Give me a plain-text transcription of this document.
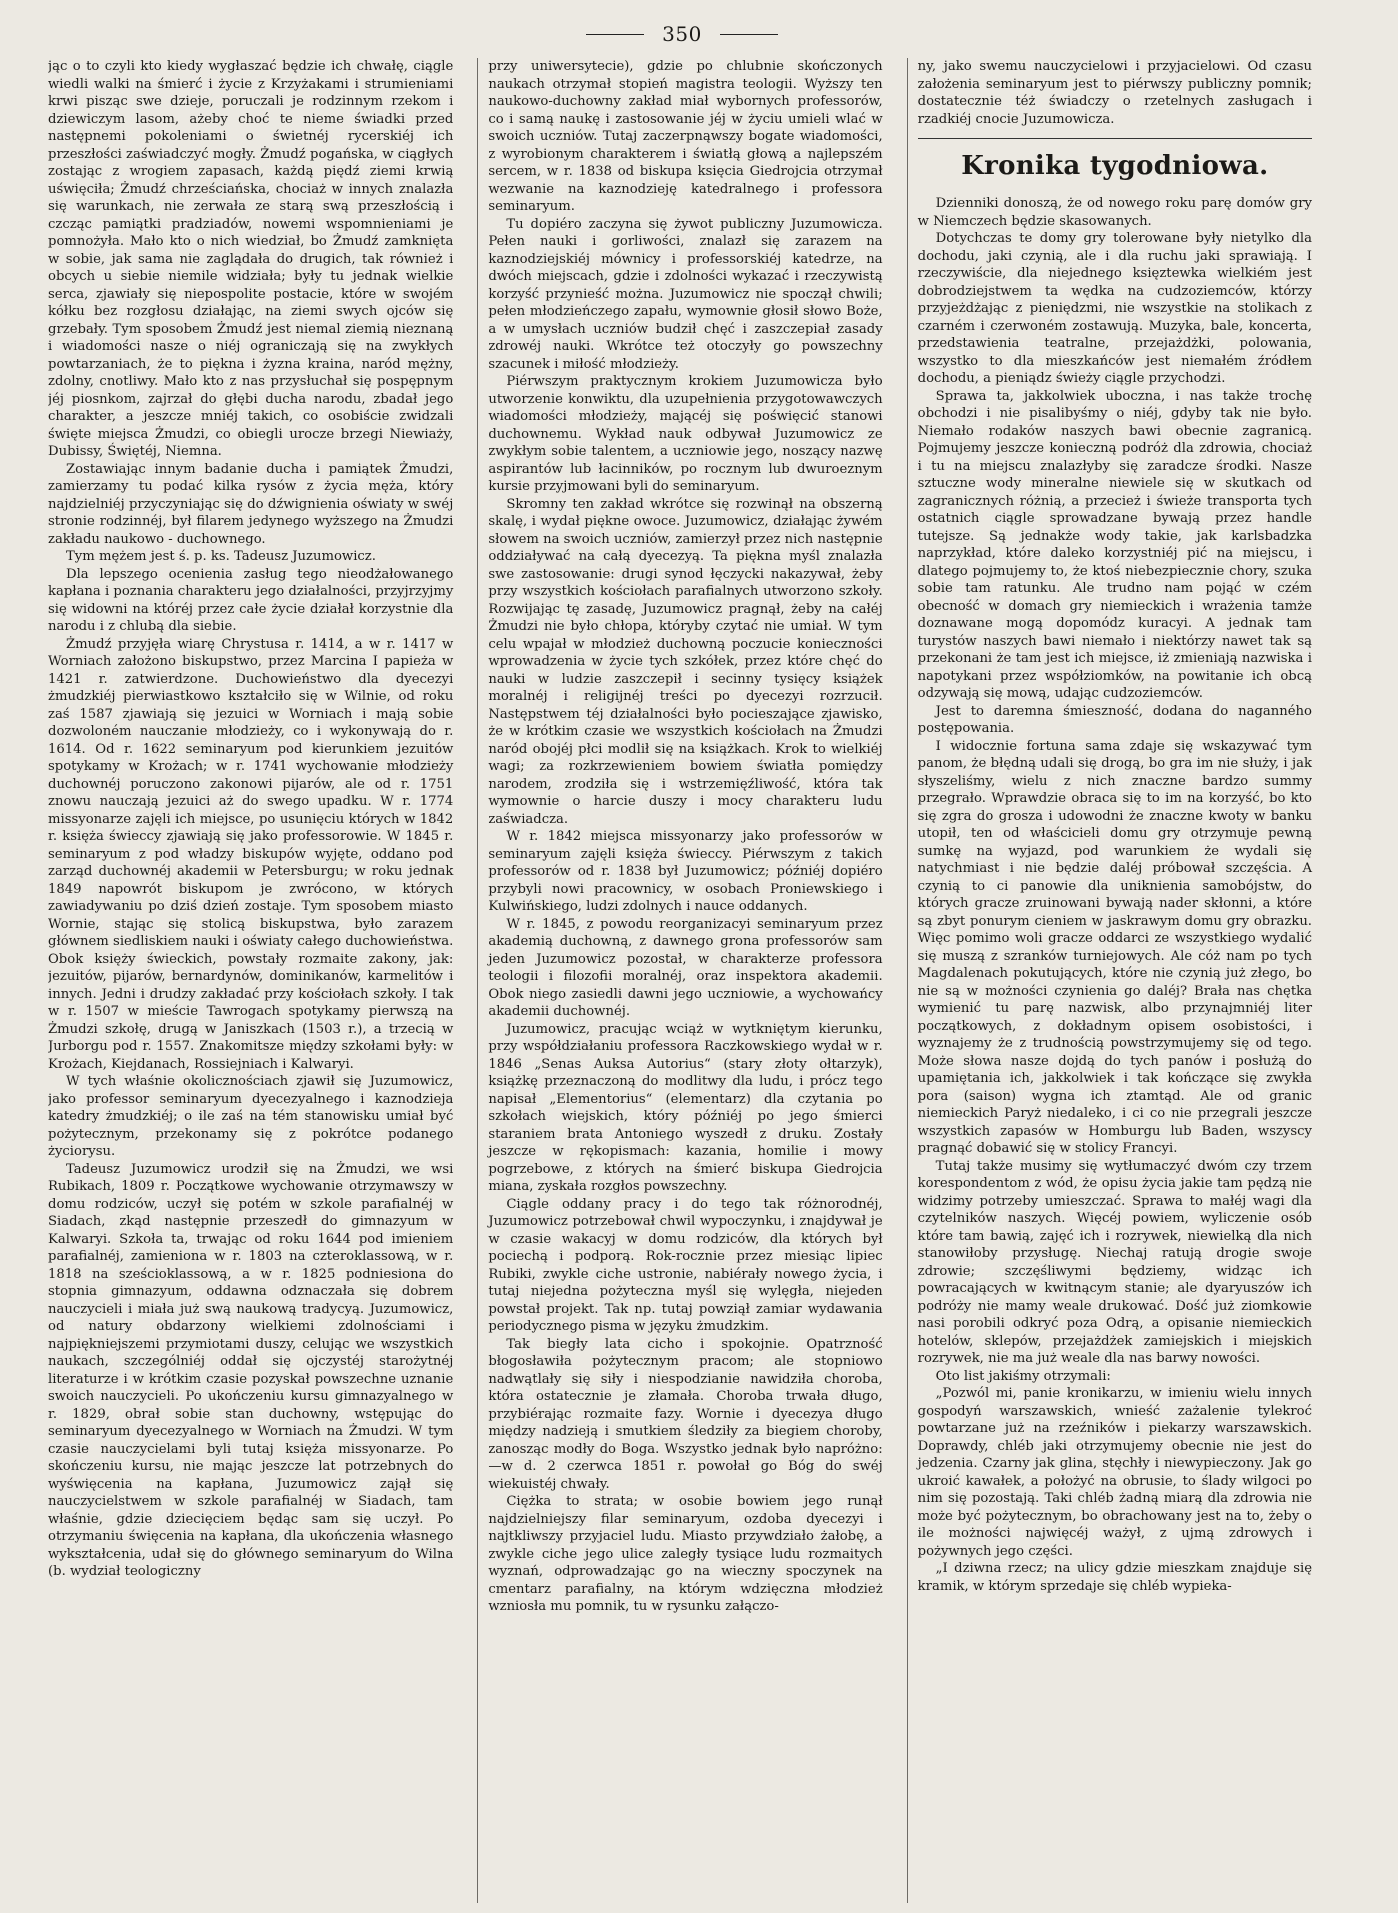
350

jąc o to czyli kto kiedy wygłaszać będzie ich chwałę, ciągle wiedli walki na śmierć i życie z Krzyżakami i strumieniami krwi pisząc swe dzieje, poruczali je rodzinnym rzekom i dziewiczym lasom, ażeby choć te nieme świadki przed następnemi pokoleniami o świetnéj rycerskiéj ich przeszłości zaświadczyć mogły. Żmudź pogańska, w ciągłych zostając z wrogiem zapasach, każdą piędź ziemi krwią uświęciła; Żmudź chrześciańska, chociaż w innych znalazła się warunkach, nie zerwała ze starą swą przeszłością i czcząc pamiątki pradziadów, nowemi wspomnieniami je pomnożyła. Mało kto o nich wiedział, bo Żmudź zamknięta w sobie, jak sama nie zaglądała do drugich, tak również i obcych u siebie niemile widziała; były tu jednak wielkie serca, zjawiały się niepospolite postacie, które w swojém kółku bez rozgłosu działając, na ziemi swych ojców się grzebały. Tym sposobem Żmudź jest niemal ziemią nieznaną i wiadomości nasze o niéj ograniczają się na zwykłych powtarzaniach, że to piękna i żyzna kraina, naród mężny, zdolny, cnotliwy. Mało kto z nas przysłuchał się pospępnym jéj piosnkom, zajrzał do głębi ducha narodu, zbadał jego charakter, a jeszcze mniéj takich, co osobiście zwidzali święte miejsca Żmudzi, co obiegli urocze brzegi Niewiaży, Dubissy, Świętéj, Niemna.

Zostawiając innym badanie ducha i pamiątek Żmudzi, zamierzamy tu podać kilka rysów z życia męża, który najdzielniéj przyczyniając się do dźwignienia oświaty w swéj stronie rodzinnéj, był filarem jedynego wyższego na Żmudzi zakładu naukowo - duchownego.

Tym mężem jest ś. p. ks. Tadeusz Juzumowicz.

Dla lepszego ocenienia zasług tego nieodżałowanego kapłana i poznania charakteru jego działalności, przyjrzyjmy się widowni na któréj przez całe życie działał korzystnie dla narodu i z chlubą dla siebie.

Żmudź przyjęła wiarę Chrystusa r. 1414, a w r. 1417 w Worniach założono biskupstwo, przez Marcina I papieża w 1421 r. zatwierdzone. Duchowieństwo dla dyecezyi żmudzkiéj pierwiastkowo kształciło się w Wilnie, od roku zaś 1587 zjawiają się jezuici w Worniach i mają sobie dozwoloném nauczanie młodzieży, co i wykonywają do r. 1614. Od r. 1622 seminaryum pod kierunkiem jezuitów spotykamy w Krożach; w r. 1741 wychowanie młodzieży duchownéj poruczono zakonowi pijarów, ale od r. 1751 znowu nauczają jezuici aż do swego upadku. W r. 1774 missyonarze zajęli ich miejsce, po usunięciu których w 1842 r. księża świeccy zjawiają się jako professorowie. W 1845 r. seminaryum z pod władzy biskupów wyjęte, oddano pod zarząd duchownéj akademii w Petersburgu; w roku jednak 1849 napowrót biskupom je zwrócono, w których zawiadywaniu po dziś dzień zostaje. Tym sposobem miasto Wornie, stając się stolicą biskupstwa, było zarazem głównem siedliskiem nauki i oświaty całego duchowieństwa. Obok księży świeckich, powstały rozmaite zakony, jak: jezuitów, pijarów, bernardynów, dominikanów, karmelitów i innych. Jedni i drudzy zakładać przy kościołach szkoły. I tak w r. 1507 w mieście Tawrogach spotykamy pierwszą na Żmudzi szkołę, drugą w Janiszkach (1503 r.), a trzecią w Jurborgu pod r. 1557. Znakomitsze między szkołami były: w Krożach, Kiejdanach, Rossiejniach i Kalwaryi.

W tych właśnie okolicznościach zjawił się Juzumowicz, jako professor seminaryum dyecezyalnego i kaznodzieja katedry żmudzkiéj; o ile zaś na tém stanowisku umiał być pożytecznym, przekonamy się z pokrótce podanego życiorysu.

Tadeusz Juzumowicz urodził się na Żmudzi, we wsi Rubikach, 1809 r. Początkowe wychowanie otrzymawszy w domu rodziców, uczył się potém w szkole parafialnéj w Siadach, zkąd następnie przeszedł do gimnazyum w Kalwaryi. Szkoła ta, trwając od roku 1644 pod imieniem parafialnéj, zamieniona w r. 1803 na czteroklassową, w r. 1818 na sześcioklassową, a w r. 1825 podniesiona do stopnia gimnazyum, oddawna odznaczała się dobrem nauczycieli i miała już swą naukową tradycyą. Juzumowicz, od natury obdarzony wielkiemi zdolnościami i najpiękniejszemi przymiotami duszy, celując we wszystkich naukach, szczególniéj oddał się ojczystéj starożytnéj literaturze i w krótkim czasie pozyskał powszechne uznanie swoich nauczycieli. Po ukończeniu kursu gimnazyalnego w r. 1829, obrał sobie stan duchowny, wstępując do seminaryum dyecezyalnego w Worniach na Żmudzi. W tym czasie nauczycielami byli tutaj księża missyonarze. Po skończeniu kursu, nie mając jeszcze lat potrzebnych do wyświęcenia na kapłana, Juzumowicz zajął się nauczycielstwem w szkole parafialnéj w Siadach, tam właśnie, gdzie dziecięciem będąc sam się uczył. Po otrzymaniu święcenia na kapłana, dla ukończenia własnego wykształcenia, udał się do głównego seminaryum do Wilna (b. wydział teologiczny

przy uniwersytecie), gdzie po chlubnie skończonych naukach otrzymał stopień magistra teologii. Wyższy ten naukowo-duchowny zakład miał wybornych professorów, co i samą naukę i zastosowanie jéj w życiu umieli wlać w swoich uczniów. Tutaj zaczerpnąwszy bogate wiadomości, z wyrobionym charakterem i światłą głową a najlepszém sercem, w r. 1838 od biskupa księcia Giedrojcia otrzymał wezwanie na kaznodzieję katedralnego i professora seminaryum.

Tu dopiéro zaczyna się żywot publiczny Juzumowicza. Pełen nauki i gorliwości, znalazł się zarazem na kaznodziejskiéj mównicy i professorskiéj katedrze, na dwóch miejscach, gdzie i zdolności wykazać i rzeczywistą korzyść przynieść można. Juzumowicz nie spoczął chwili; pełen młodzieńczego zapału, wymownie głosił słowo Boże, a w umysłach uczniów budził chęć i zaszczepiał zasady zdrowéj nauki. Wkrótce też otoczyły go powszechny szacunek i miłość młodzieży.

Piérwszym praktycznym krokiem Juzumowicza było utworzenie konwiktu, dla uzupełnienia przygotowawczych wiadomości młodzieży, mającéj się poświęcić stanowi duchownemu. Wykład nauk odbywał Juzumowicz ze zwykłym sobie talentem, a uczniowie jego, noszący nazwę aspirantów lub łacinników, po rocznym lub dwuroeznym kursie przyjmowani byli do seminaryum.

Skromny ten zakład wkrótce się rozwinął na obszerną skalę, i wydał piękne owoce. Juzumowicz, działając żywém słowem na swoich uczniów, zamierzył przez nich następnie oddziaływać na całą dyecezyą. Ta piękna myśl znalazła swe zastosowanie: drugi synod łęczycki nakazywał, żeby przy wszystkich kościołach parafialnych utworzono szkoły. Rozwijając tę zasadę, Juzumowicz pragnął, żeby na całéj Żmudzi nie było chłopa, któryby czytać nie umiał. W tym celu wpajał w młodzież duchowną poczucie konieczności wprowadzenia w życie tych szkółek, przez które chęć do nauki w ludzie zaszczepił i secinny tysięcy książek moralnéj i religijnéj treści po dyecezyi rozrzucił. Następstwem téj działalności było pocieszające zjawisko, że w krótkim czasie we wszystkich kościołach na Żmudzi naród obojéj płci modlił się na książkach. Krok to wielkiéj wagi; za rozkrzewieniem bowiem światła pomiędzy narodem, zrodziła się i wstrzemięźliwość, która tak wymownie o harcie duszy i mocy charakteru ludu zaświadcza.

W r. 1842 miejsca missyonarzy jako professorów w seminaryum zajęli księża świeccy. Piérwszym z takich professorów od r. 1838 był Juzumowicz; późniéj dopiéro przybyli nowi pracownicy, w osobach Proniewskiego i Kulwińskiego, ludzi zdolnych i nauce oddanych.

W r. 1845, z powodu reorganizacyi seminaryum przez akademią duchowną, z dawnego grona professorów sam jeden Juzumowicz pozostał, w charakterze professora teologii i filozofii moralnéj, oraz inspektora akademii. Obok niego zasiedli dawni jego uczniowie, a wychowańcy akademii duchownéj.

Juzumowicz, pracując wciąż w wytkniętym kierunku, przy współdziałaniu professora Raczkowskiego wydał w r. 1846 „Senas Auksa Autorius“ (stary złoty ołtarzyk), książkę przeznaczoną do modlitwy dla ludu, i prócz tego napisał „Elementorius“ (elementarz) dla czytania po szkołach wiejskich, który późniéj po jego śmierci staraniem brata Antoniego wyszedł z druku. Zostały jeszcze w rękopismach: kazania, homilie i mowy pogrzebowe, z których na śmierć biskupa Giedrojcia miana, zyskała rozgłos powszechny.

Ciągle oddany pracy i do tego tak różnorodnéj, Juzumowicz potrzebował chwil wypoczynku, i znajdywał je w czasie wakacyj w domu rodziców, dla których był pociechą i podporą. Rok-rocznie przez miesiąc lipiec Rubiki, zwykle ciche ustronie, nabiérały nowego życia, i tutaj niejedna pożyteczna myśl się wylęgła, niejeden powstał projekt. Tak np. tutaj powziął zamiar wydawania periodycznego pisma w języku żmudzkim.

Tak biegły lata cicho i spokojnie. Opatrzność błogosławiła pożytecznym pracom; ale stopniowo nadwątlały się siły i niespodzianie nawidziła choroba, która ostatecznie je złamała. Choroba trwała długo, przybiérając rozmaite fazy. Wornie i dyecezya długo między nadzieją i smutkiem śledziły za biegiem choroby, zanosząc modły do Boga. Wszystko jednak było napróżno:—w d. 2 czerwca 1851 r. powołał go Bóg do swéj wiekuistéj chwały.

Ciężka to strata; w osobie bowiem jego runął najdzielniejszy filar seminaryum, ozdoba dyecezyi i najtkliwszy przyjaciel ludu. Miasto przywdziało żałobę, a zwykle ciche jego ulice zaległy tysiące ludu rozmaitych wyznań, odprowadzając go na wieczny spoczynek na cmentarz parafialny, na którym wdzięczna młodzież wzniosła mu pomnik, tu w rysunku załączo-

ny, jako swemu nauczycielowi i przyjacielowi. Od czasu założenia seminaryum jest to piérwszy publiczny pomnik; dostatecznie téż świadczy o rzetelnych zasługach i rzadkiéj cnocie Juzumowicza.

Kronika tygodniowa.

Dzienniki donoszą, że od nowego roku parę domów gry w Niemczech będzie skasowanych.

Dotychczas te domy gry tolerowane były nietylko dla dochodu, jaki czynią, ale i dla ruchu jaki sprawiają. I rzeczywiście, dla niejednego księztewka wielkiém jest dobrodziejstwem ta wędka na cudzoziemców, którzy przyjeżdżając z pieniędzmi, nie wszystkie na stolikach z czarném i czerwoném zostawują. Muzyka, bale, koncerta, przedstawienia teatralne, przejażdżki, polowania, wszystko to dla mieszkańców jest niemałém źródłem dochodu, a pieniądz świeży ciągle przychodzi.

Sprawa ta, jakkolwiek uboczna, i nas także trochę obchodzi i nie pisalibyśmy o niéj, gdyby tak nie było. Niemało rodaków naszych bawi obecnie zagranicą. Pojmujemy jeszcze konieczną podróż dla zdrowia, chociaż i tu na miejscu znalazłyby się zaradcze środki. Nasze sztuczne wody mineralne niewiele się w skutkach od zagranicznych różnią, a przecież i świeże transporta tych ostatnich ciągle sprowadzane bywają przez handle tutejsze. Są jednakże wody takie, jak karlsbadzka naprzykład, które daleko korzystniéj pić na miejscu, i dlatego pojmujemy to, że ktoś niebezpiecznie chory, szuka sobie tam ratunku. Ale trudno nam pojąć w czém obecność w domach gry niemieckich i wrażenia tamże doznawane mogą dopomódz kuracyi. A jednak tam turystów naszych bawi niemało i niektórzy nawet tak są przekonani że tam jest ich miejsce, iż zmieniają nazwiska i napotykani przez współziomków, na powitanie ich obcą odzywają się mową, udając cudzoziemców.

Jest to daremna śmieszność, dodana do naganného postępowania.

I widocznie fortuna sama zdaje się wskazywać tym panom, że błędną udali się drogą, bo gra im nie służy, i jak słyszeliśmy, wielu z nich znaczne bardzo summy przegrało. Wprawdzie obraca się to im na korzyść, bo kto się zgra do grosza i udowodni że znaczne kwoty w banku utopił, ten od właścicieli domu gry otrzymuje pewną sumkę na wyjazd, pod warunkiem że wydali się natychmiast i nie będzie daléj próbował szczęścia. A czynią to ci panowie dla uniknienia samobójstw, do których gracze zruinowani bywają nader skłonni, a które są zbyt ponurym cieniem w jaskrawym domu gry obrazku. Więc pomimo woli gracze oddarci ze wszystkiego wydalić się muszą z szranków turniejowych. Ale cóż nam po tych Magdalenach pokutujących, które nie czynią już złego, bo nie są w możności czynienia go daléj? Brała nas chętka wymienić tu parę nazwisk, albo przynajmniéj liter początkowych, z dokładnym opisem osobistości, i wyznajemy że z trudnością powstrzymujemy się od tego. Może słowa nasze dojdą do tych panów i posłużą do upamiętania ich, jakkolwiek i tak kończące się zwykła pora (saison) wygna ich ztamtąd. Ale od granic niemieckich Paryż niedaleko, i ci co nie przegrali jeszcze wszystkich zapasów w Homburgu lub Baden, wszyscy pragnąć dobawić się w stolicy Francyi.

Tutaj także musimy się wytłumaczyć dwóm czy trzem korespondentom z wód, że opisu życia jakie tam pędzą nie widzimy potrzeby umieszczać. Sprawa to małéj wagi dla czytelników naszych. Więcéj powiem, wyliczenie osób które tam bawią, zajęć ich i rozrywek, niewielką dla nich stanowiłoby przysługę. Niechaj ratują drogie swoje zdrowie; szczęśliwymi będziemy, widząc ich powracających w kwitnącym stanie; ale dyaryuszów ich podróży nie mamy weale drukować. Dość już ziomkowie nasi porobili odkryć poza Odrą, a opisanie niemieckich hotelów, sklepów, przejażdżek zamiejskich i miejskich rozrywek, nie ma już weale dla nas barwy nowości.

Oto list jakiśmy otrzymali:

„Pozwól mi, panie kronikarzu, w imieniu wielu innych gospodyń warszawskich, wnieść zażalenie tylekroć powtarzane już na rzeźników i piekarzy warszawskich. Doprawdy, chléb jaki otrzymujemy obecnie nie jest do jedzenia. Czarny jak glina, stęchły i niewypieczony. Jak go ukroić kawałek, a położyć na obrusie, to ślady wilgoci po nim się pozostają. Taki chléb żadną miarą dla zdrowia nie może być pożytecznym, bo obrachowany jest na to, żeby o ile możności najwięcéj ważył, z ujmą zdrowych i pożywnych jego części.

„I dziwna rzecz; na ulicy gdzie mieszkam znajduje się kramik, w którym sprzedaje się chléb wypieka-
